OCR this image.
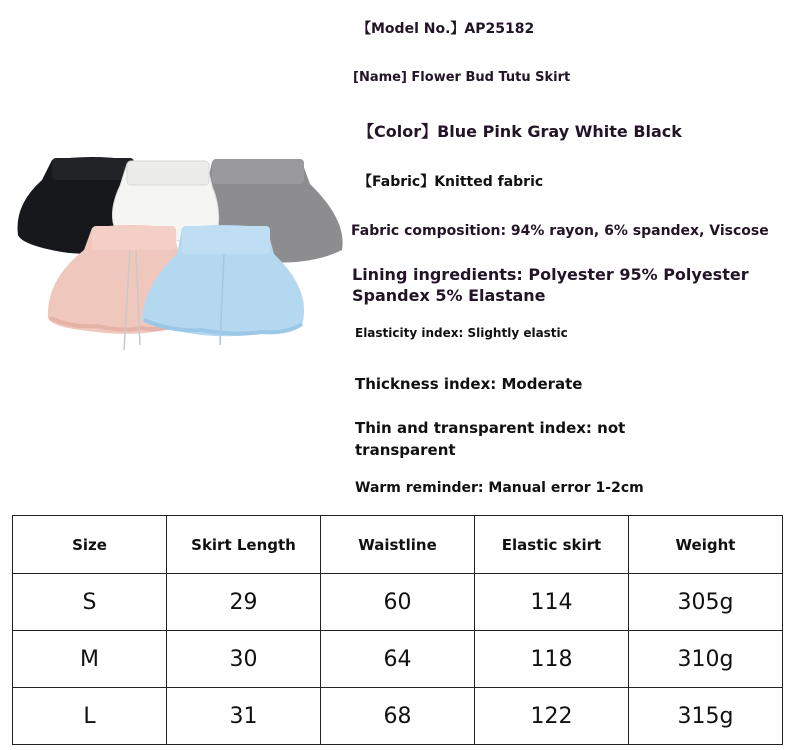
【Model No.】AP25182
[Name] Flower Bud Tutu Skirt
【Color】Blue Pink Gray White Black
【Fabric】Knitted fabric
Fabric composition: 94% rayon, 6% spandex, Viscose
Lining ingredients: Polyester 95% Polyester Spandex 5% Elastane
Elasticity index: Slightly elastic
Thickness index: Moderate
Thin and transparent index: not transparent
Warm reminder: Manual error 1-2cm
Size	Skirt Length	Waistline	Elastic skirt	Weight
S	29	60	114	305g
M	30	64	118	310g
L	31	68	122	315g
